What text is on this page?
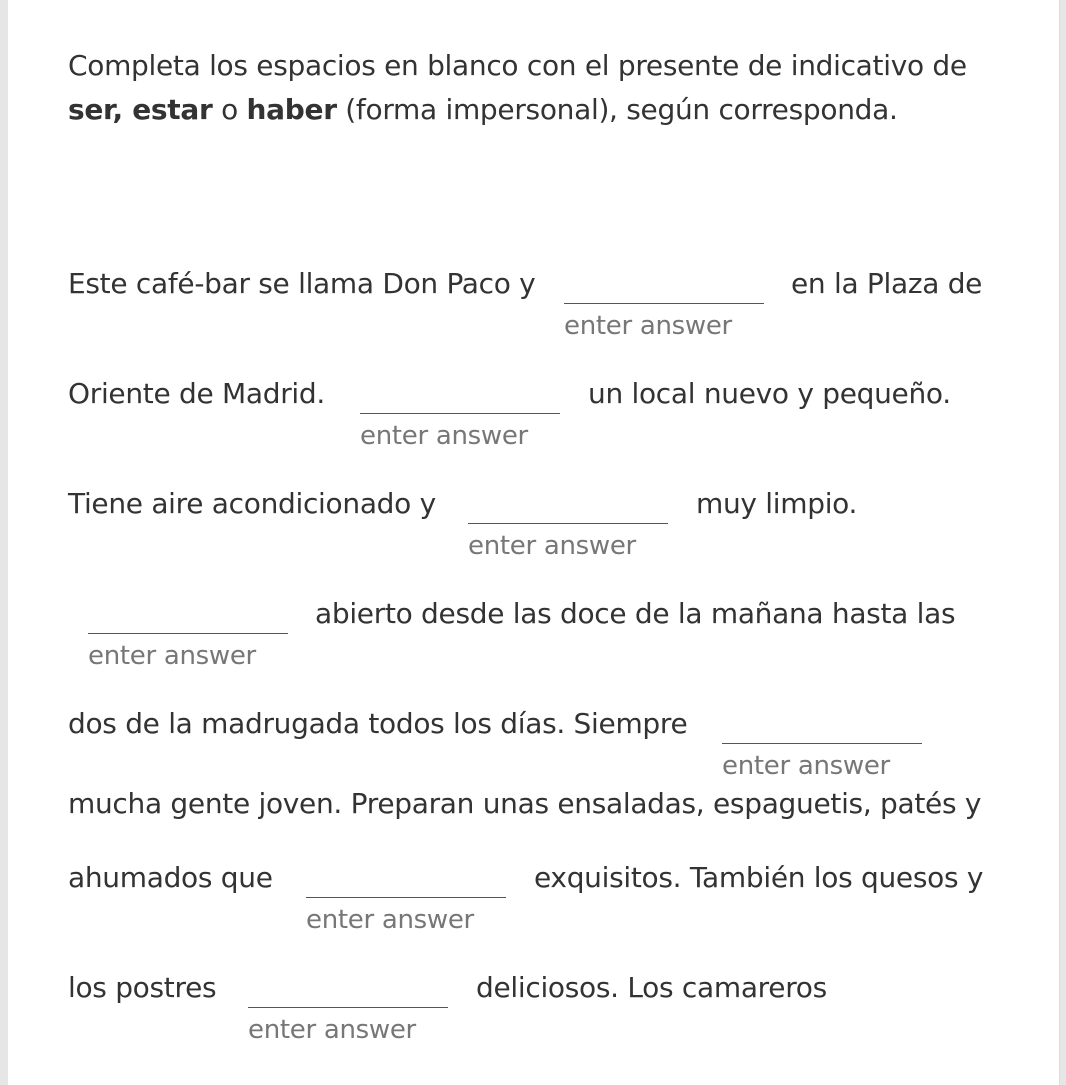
Completa los espacios en blanco con el presente de indicativo de
ser, estar o haber (forma impersonal), según corresponda.

Este café-bar se llama Don Paco y
enter answer
en la Plaza de
Oriente de Madrid.
enter answer
un local nuevo y pequeño.
Tiene aire acondicionado y
enter answer
muy limpio.
enter answer
abierto desde las doce de la mañana hasta las
dos de la madrugada todos los días. Siempre
enter answer
mucha gente joven. Preparan unas ensaladas, espaguetis, patés y
ahumados que
enter answer
exquisitos. También los quesos y
los postres
enter answer
deliciosos. Los camareros
